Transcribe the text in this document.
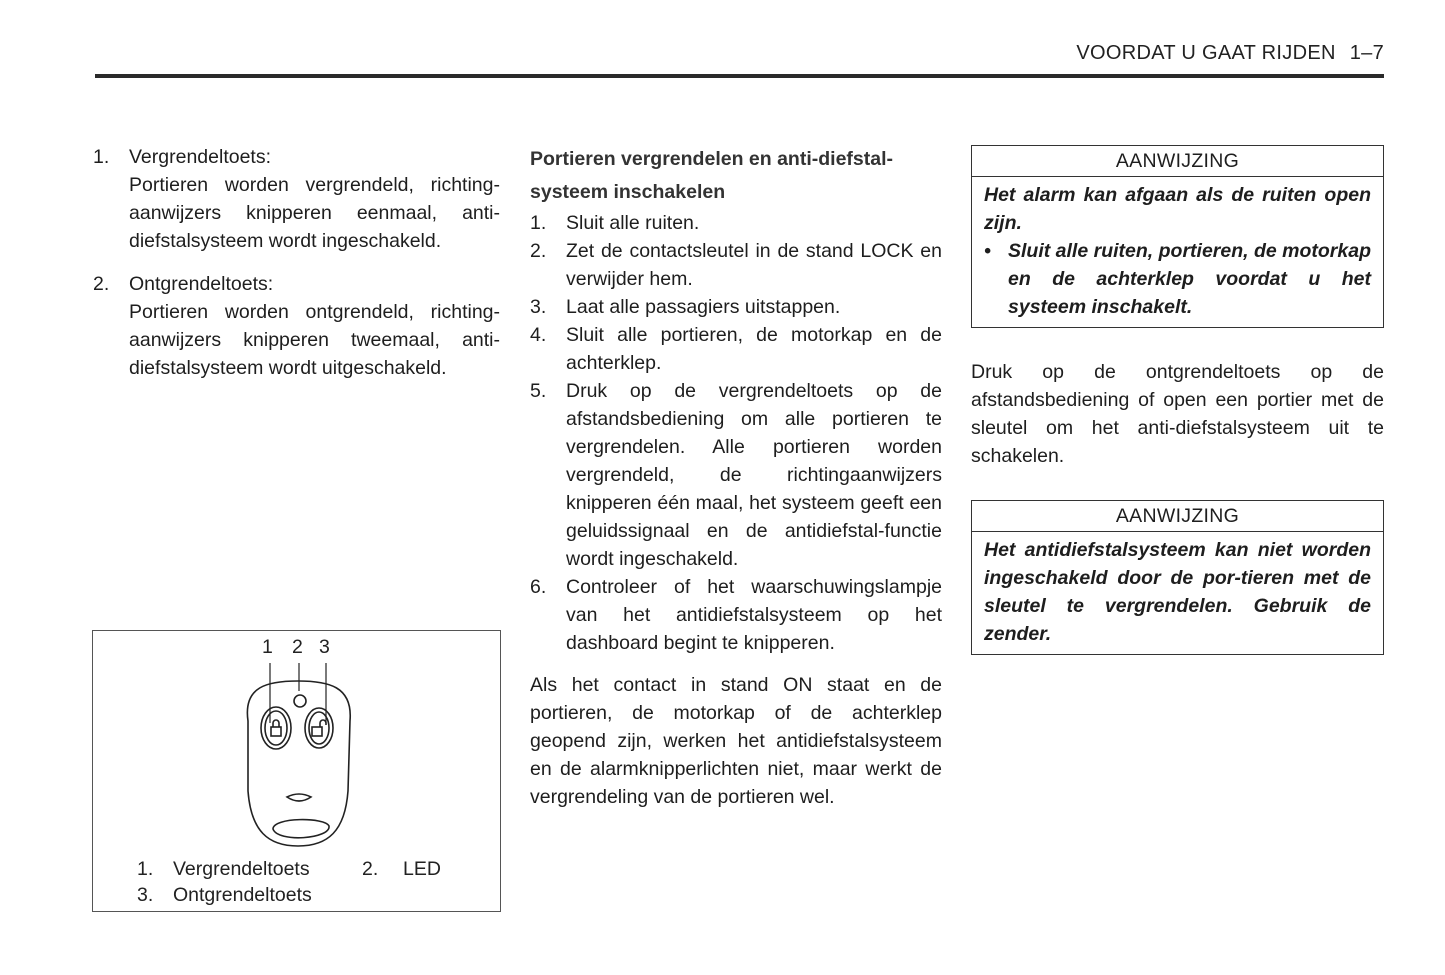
VOORDAT U GAAT RIJDEN 1–7
1.	Vergrendeltoets:
Portieren worden vergrendeld, richting-aanwijzers knipperen eenmaal, anti-diefstalsysteem wordt ingeschakeld.
2.	Ontgrendeltoets:
Portieren worden ontgrendeld, richting-aanwijzers knipperen tweemaal, anti-diefstalsysteem wordt uitgeschakeld.
1 2 3
1. Vergrendeltoets	2. LED
3. Ontgrendeltoets
Portieren vergrendelen en anti-diefstal-systeem inschakelen
1.	Sluit alle ruiten.
2.	Zet de contactsleutel in de stand LOCK en verwijder hem.
3.	Laat alle passagiers uitstappen.
4.	Sluit alle portieren, de motorkap en de achterklep.
5.	Druk op de vergrendeltoets op de afstandsbediening om alle portieren te vergrendelen. Alle portieren worden vergrendeld, de richtingaanwijzers knipperen één maal, het systeem geeft een geluidssignaal en de antidiefstal-functie wordt ingeschakeld.
6.	Controleer of het waarschuwingslampje van het antidiefstalsysteem op het dashboard begint te knipperen.

Als het contact in stand ON staat en de portieren, de motorkap of de achterklep geopend zijn, werken het antidiefstalsysteem en de alarmknipperlichten niet, maar werkt de vergrendeling van de portieren wel.

AANWIJZING
Het alarm kan afgaan als de ruiten open zijn.
• Sluit alle ruiten, portieren, de motorkap en de achterklep voordat u het systeem inschakelt.

Druk op de ontgrendeltoets op de afstandsbediening of open een portier met de sleutel om het anti-diefstalsysteem uit te schakelen.

AANWIJZING
Het antidiefstalsysteem kan niet worden ingeschakeld door de por-tieren met de sleutel te vergrendelen. Gebruik de zender.
